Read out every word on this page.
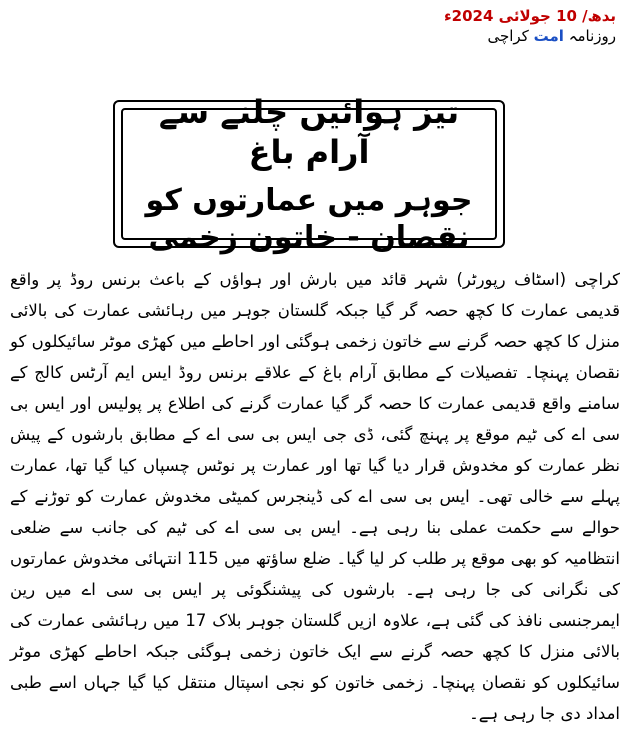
بدھ/ 10 جولائی 2024ء
روزنامہ امت کراچی
تیز ہوائیں چلنے سے آرام باغ
جوہر میں عمارتوں کو نقصان - خاتون زخمی

کراچی (اسٹاف رپورٹر) شہر قائد میں بارش اور ہواؤں کے باعث برنس روڈ پر واقع قدیمی عمارت کا کچھ حصہ گر گیا جبکہ گلستان جوہر میں رہائشی عمارت کی بالائی منزل کا کچھ حصہ گرنے سے خاتون زخمی ہوگئی اور احاطے میں کھڑی موٹر سائیکلوں کو نقصان پہنچا۔ تفصیلات کے مطابق آرام باغ کے علاقے برنس روڈ ایس ایم آرٹس کالج کے سامنے واقع قدیمی عمارت کا حصہ گر گیا عمارت گرنے کی اطلاع پر پولیس اور ایس بی سی اے کی ٹیم موقع پر پہنچ گئی، ڈی جی ایس بی سی اے کے مطابق بارشوں کے پیش نظر عمارت کو مخدوش قرار دیا گیا تھا اور عمارت پر نوٹس چسپاں کیا گیا تھا، عمارت پہلے سے خالی تھی۔ ایس بی سی اے کی ڈینجرس کمیٹی مخدوش عمارت کو توڑنے کے حوالے سے حکمت عملی بنا رہی ہے۔ ایس بی سی اے کی ٹیم کی جانب سے ضلعی انتظامیہ کو بھی موقع پر طلب کر لیا گیا۔ ضلع ساؤتھ میں 115 انتہائی مخدوش عمارتوں کی نگرانی کی جا رہی ہے۔ بارشوں کی پیشنگوئی پر ایس بی سی اے میں رین ایمرجنسی نافذ کی گئی ہے، علاوہ ازیں گلستان جوہر بلاک 17 میں رہائشی عمارت کی بالائی منزل کا کچھ حصہ گرنے سے ایک خاتون زخمی ہوگئی جبکہ احاطے کھڑی موٹر سائیکلوں کو نقصان پہنچا۔ زخمی خاتون کو نجی اسپتال منتقل کیا گیا جہاں اسے طبی امداد دی جا رہی ہے۔
